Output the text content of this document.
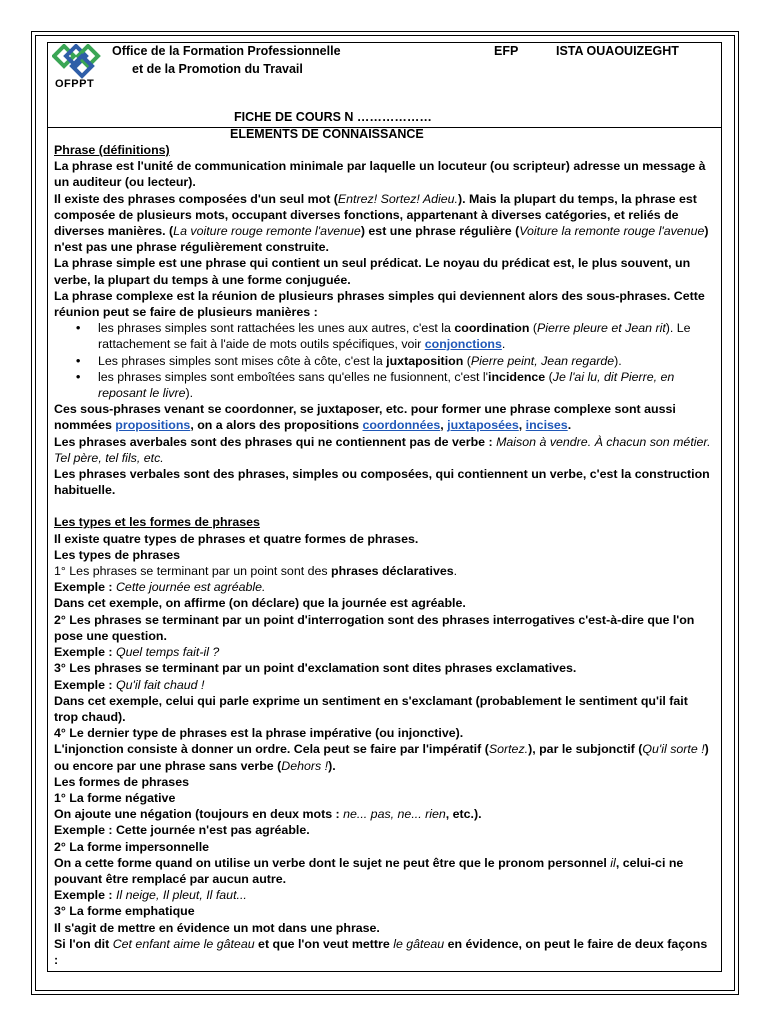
OFPPT
Office de la Formation Professionnelle
et de la Promotion du Travail
EFP	ISTA OUAOUIZEGHT
FICHE DE COURS N ………………
ELEMENTS DE CONNAISSANCE

Phrase (définitions)

La phrase est l'unité de communication minimale par laquelle un locuteur (ou scripteur) adresse un message à un auditeur (ou lecteur).

Il existe des phrases composées d'un seul mot (Entrez! Sortez! Adieu.). Mais la plupart du temps, la phrase est composée de plusieurs mots, occupant diverses fonctions, appartenant à diverses catégories, et reliés de diverses manières. (La voiture rouge remonte l'avenue) est une phrase régulière (Voiture la remonte rouge l'avenue) n'est pas une phrase régulièrement construite.

La phrase simple est une phrase qui contient un seul prédicat. Le noyau du prédicat est, le plus souvent, un verbe, la plupart du temps à une forme conjuguée.

La phrase complexe est la réunion de plusieurs phrases simples qui deviennent alors des sous-phrases. Cette réunion peut se faire de plusieurs manières :

• les phrases simples sont rattachées les unes aux autres, c'est la coordination (Pierre pleure et Jean rit). Le rattachement se fait à l'aide de mots outils spécifiques, voir conjonctions.
• Les phrases simples sont mises côte à côte, c'est la juxtaposition (Pierre peint, Jean regarde).
• les phrases simples sont emboîtées sans qu'elles ne fusionnent, c'est l'incidence (Je l'ai lu, dit Pierre, en reposant le livre).

Ces sous-phrases venant se coordonner, se juxtaposer, etc. pour former une phrase complexe sont aussi nommées propositions, on a alors des propositions coordonnées, juxtaposées, incises.

Les phrases averbales sont des phrases qui ne contiennent pas de verbe : Maison à vendre. À chacun son métier. Tel père, tel fils, etc.

Les phrases verbales sont des phrases, simples ou composées, qui contiennent un verbe, c'est la construction habituelle.

Les types et les formes de phrases

Il existe quatre types de phrases et quatre formes de phrases.

Les types de phrases

1° Les phrases se terminant par un point sont des phrases déclaratives.

Exemple : Cette journée est agréable.

Dans cet exemple, on affirme (on déclare) que la journée est agréable.

2° Les phrases se terminant par un point d'interrogation sont des phrases interrogatives c'est-à-dire que l'on pose une question.

Exemple : Quel temps fait-il ?

3° Les phrases se terminant par un point d'exclamation sont dites phrases exclamatives.

Exemple : Qu'il fait chaud !

Dans cet exemple, celui qui parle exprime un sentiment en s'exclamant (probablement le sentiment qu'il fait trop chaud).

4° Le dernier type de phrases est la phrase impérative (ou injonctive).

L'injonction consiste à donner un ordre. Cela peut se faire par l'impératif (Sortez.), par le subjonctif (Qu'il sorte !) ou encore par une phrase sans verbe (Dehors !).

Les formes de phrases

1° La forme négative

On ajoute une négation (toujours en deux mots : ne... pas, ne... rien, etc.).

Exemple : Cette journée n'est pas agréable.

2° La forme impersonnelle

On a cette forme quand on utilise un verbe dont le sujet ne peut être que le pronom personnel il, celui-ci ne pouvant être remplacé par aucun autre.

Exemple : Il neige, Il pleut, Il faut...

3° La forme emphatique

Il s'agit de mettre en évidence un mot dans une phrase.

Si l'on dit Cet enfant aime le gâteau et que l'on veut mettre le gâteau en évidence, on peut le faire de deux façons :
